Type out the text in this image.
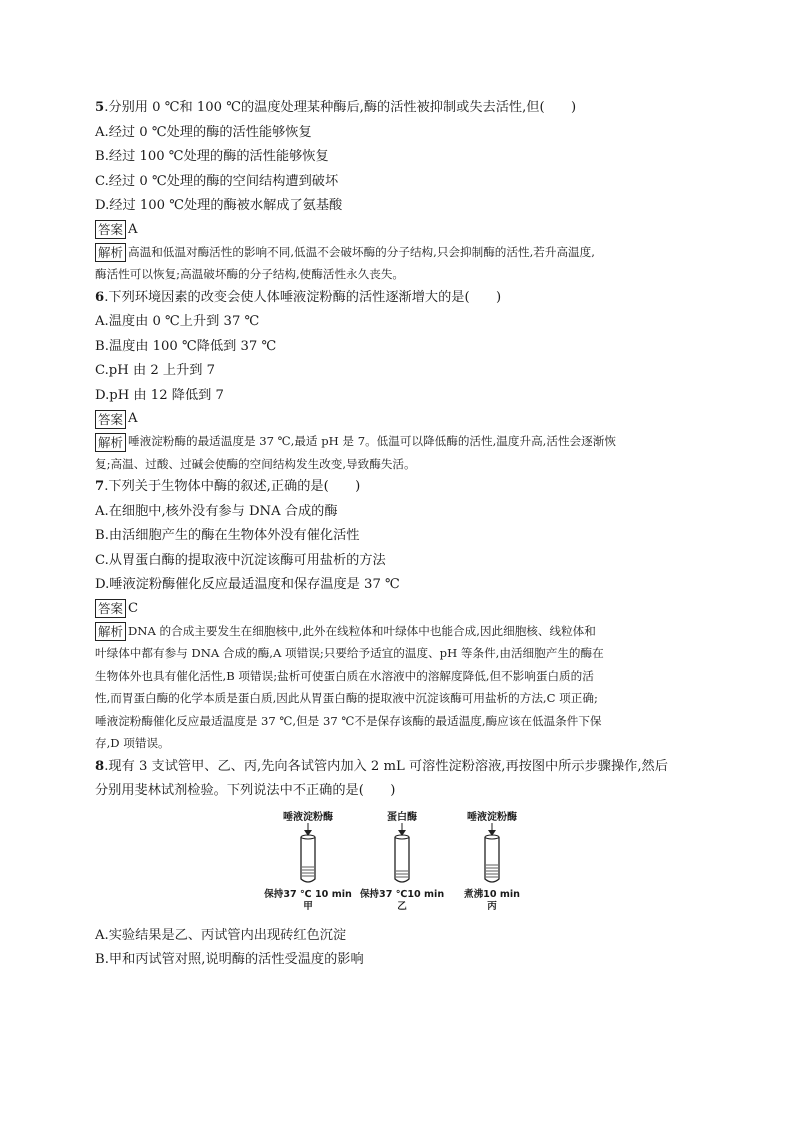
5.分别用 0 ℃和 100 ℃的温度处理某种酶后,酶的活性被抑制或失去活性,但(　　)
A.经过 0 ℃处理的酶的活性能够恢复
B.经过 100 ℃处理的酶的活性能够恢复
C.经过 0 ℃处理的酶的空间结构遭到破坏
D.经过 100 ℃处理的酶被水解成了氨基酸
答案 A
解析 高温和低温对酶活性的影响不同,低温不会破坏酶的分子结构,只会抑制酶的活性,若升高温度,
酶活性可以恢复;高温破坏酶的分子结构,使酶活性永久丧失。
6.下列环境因素的改变会使人体唾液淀粉酶的活性逐渐增大的是(　　)
A.温度由 0 ℃上升到 37 ℃
B.温度由 100 ℃降低到 37 ℃
C.pH 由 2 上升到 7
D.pH 由 12 降低到 7
答案 A
解析 唾液淀粉酶的最适温度是 37 ℃,最适 pH 是 7。低温可以降低酶的活性,温度升高,活性会逐渐恢
复;高温、过酸、过碱会使酶的空间结构发生改变,导致酶失活。
7.下列关于生物体中酶的叙述,正确的是(　　)
A.在细胞中,核外没有参与 DNA 合成的酶
B.由活细胞产生的酶在生物体外没有催化活性
C.从胃蛋白酶的提取液中沉淀该酶可用盐析的方法
D.唾液淀粉酶催化反应最适温度和保存温度是 37 ℃
答案 C
解析 DNA 的合成主要发生在细胞核中,此外在线粒体和叶绿体中也能合成,因此细胞核、线粒体和
叶绿体中都有参与 DNA 合成的酶,A 项错误;只要给予适宜的温度、pH 等条件,由活细胞产生的酶在
生物体外也具有催化活性,B 项错误;盐析可使蛋白质在水溶液中的溶解度降低,但不影响蛋白质的活
性,而胃蛋白酶的化学本质是蛋白质,因此从胃蛋白酶的提取液中沉淀该酶可用盐析的方法,C 项正确;
唾液淀粉酶催化反应最适温度是 37 ℃,但是 37 ℃不是保存该酶的最适温度,酶应该在低温条件下保
存,D 项错误。
8.现有 3 支试管甲、乙、丙,先向各试管内加入 2 mL 可溶性淀粉溶液,再按图中所示步骤操作,然后
分别用斐林试剂检验。下列说法中不正确的是(　　)
唾液淀粉酶
保持37 ℃ 10 min
甲
蛋白酶
保持37 ℃10 min
乙
唾液淀粉酶
煮沸10 min
丙
A.实验结果是乙、丙试管内出现砖红色沉淀
B.甲和丙试管对照,说明酶的活性受温度的影响
